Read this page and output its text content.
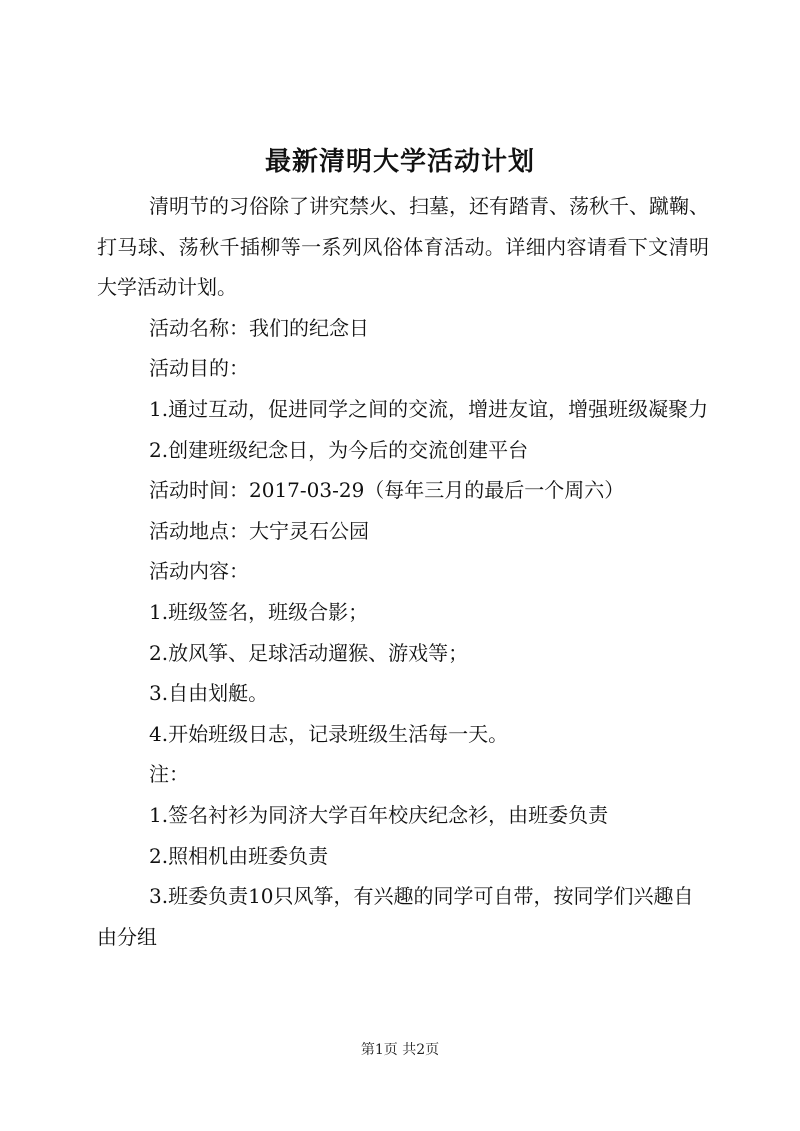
最新清明大学活动计划

清明节的习俗除了讲究禁火、扫墓，还有踏青、荡秋千、蹴鞠、打马球、荡秋千插柳等一系列风俗体育活动。详细内容请看下文清明大学活动计划。

活动名称：我们的纪念日

活动目的：

1.通过互动，促进同学之间的交流，增进友谊，增强班级凝聚力

2.创建班级纪念日，为今后的交流创建平台

活动时间：2017-03-29（每年三月的最后一个周六）

活动地点：大宁灵石公园

活动内容：

1.班级签名，班级合影；

2.放风筝、足球活动遛猴、游戏等；

3.自由划艇。

4.开始班级日志，记录班级生活每一天。

注：

1.签名衬衫为同济大学百年校庆纪念衫，由班委负责

2.照相机由班委负责

3.班委负责10只风筝，有兴趣的同学可自带，按同学们兴趣自由分组

第1页 共2页
